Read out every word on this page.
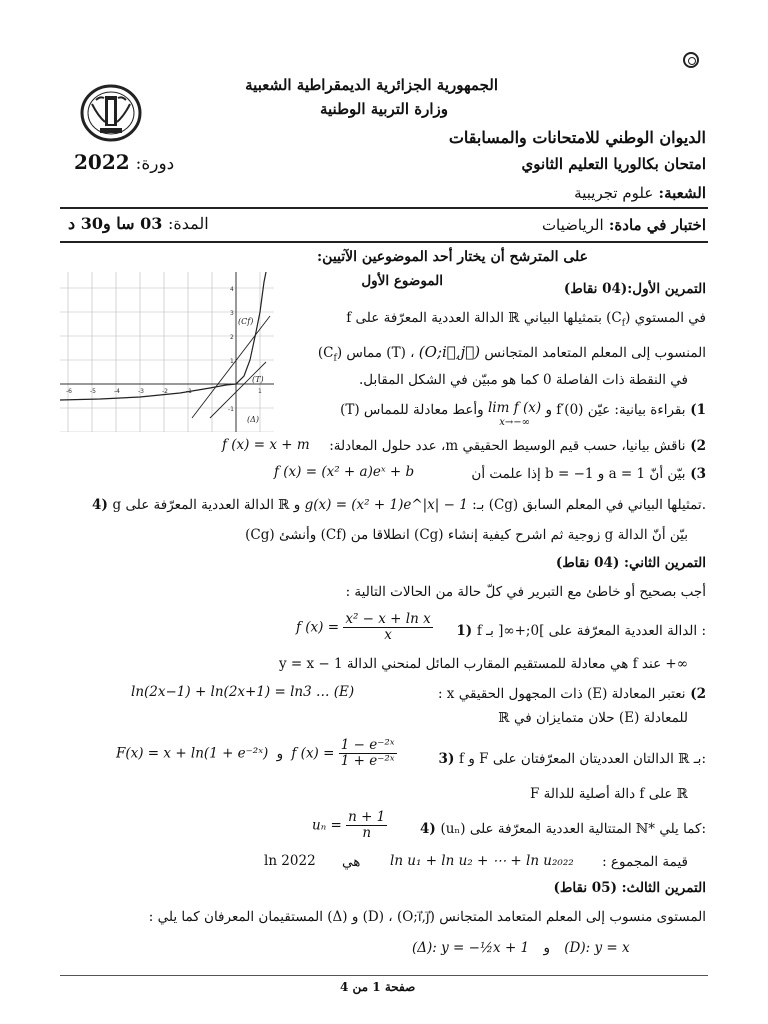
الجمهورية الجزائرية الديمقراطية الشعبية
وزارة التربية الوطنية
الديوان الوطني للامتحانات والمسابقات
امتحان بكالوريا التعليم الثانوي
الشعبة: علوم تجريبية
دورة: 2022
اختبار في مادة: الرياضيات
المدة: 03 سا و30 د
على المترشح أن يختار أحد الموضوعين الآتيين:
الموضوع الأول	التمرين الأول:(04 نقاط)
f الدالة العددية المعرّفة على ℝ بتمثيلها البياني $(C_f)$ في المستوي
المنسوب إلى المعلم المتعامد المتجانس (O;i⃗,j⃗) ، (T) مماس $(C_f)$
في النقطة ذات الفاصلة 0 كما هو مبيّن في الشكل المقابل.
1) بقراءة بيانية: عيّن f′(0) و lim f (x)
x→−∞ وأعط معادلة للمماس (T)
2) ناقش بيانيا، حسب قيم الوسيط الحقيقي m، عدد حلول المعادلة:
f (x) = x + m
3) بيّن أنّ a = 1 و b = −1 إذا علمت أن
f (x) = (x² + a)eˣ + b
4) g الدالة العددية المعرّفة على ℝ بـ: g(x) = (x² + 1)e^|x| − 1 و (Cg) تمثيلها البياني في المعلم السابق.
بيّن أنّ الدالة g زوجية ثم اشرح كيفية إنشاء (Cg) انطلاقا من (Cf) وأنشئ (Cg)
-6	-5	-4	-3	-2	-1	1
4
3
2
1
-1
(Cf)
(T)
(Δ)
التمرين الثاني: (04 نقاط)
أجب بصحيح أو خاطئ مع التبرير في كلّ حالة من الحالات التالية :
1) f الدالة العددية المعرّفة على ]0;+∞[ بـ :
f $(x) = \frac{\text{x² − x + ln x}}{x}$
y = x − 1 هي معادلة للمستقيم المقارب المائل لمنحني الدالة f عند +∞
2) نعتبر المعادلة (E) ذات المجهول الحقيقي x :
ln(2x−1) + ln(2x+1) = ln3 … (E)
للمعادلة (E) حلان متمايزان في ℝ
3) f و F الدالتان العدديتان المعرّفتان على ℝ بـ:
F(x) = x + ln(1 + e⁻²ˣ) و f $(x) = \frac{\text{1 − e⁻²ˣ}}{\text{1 + e⁻²ˣ}}$
F دالة أصلية للدالة f على ℝ
4) (uₙ) المتتالية العددية المعرّفة على ℕ* كما يلي:
$u_n = \frac{n + 1}{n}$
قيمة المجموع :
ln u₁ + ln u₂ + ⋯ + ln u₂₀₂₂
هي
ln 2022
التمرين الثالث: (05 نقاط)
المستوى منسوب إلى المعلم المتعامد المتجانس (O;i⃗,j⃗) ، (D) و (Δ) المستقيمان المعرفان كما يلي :
(Δ): y = −½x + 1 و (D): y = x
صفحة 1 من 4
